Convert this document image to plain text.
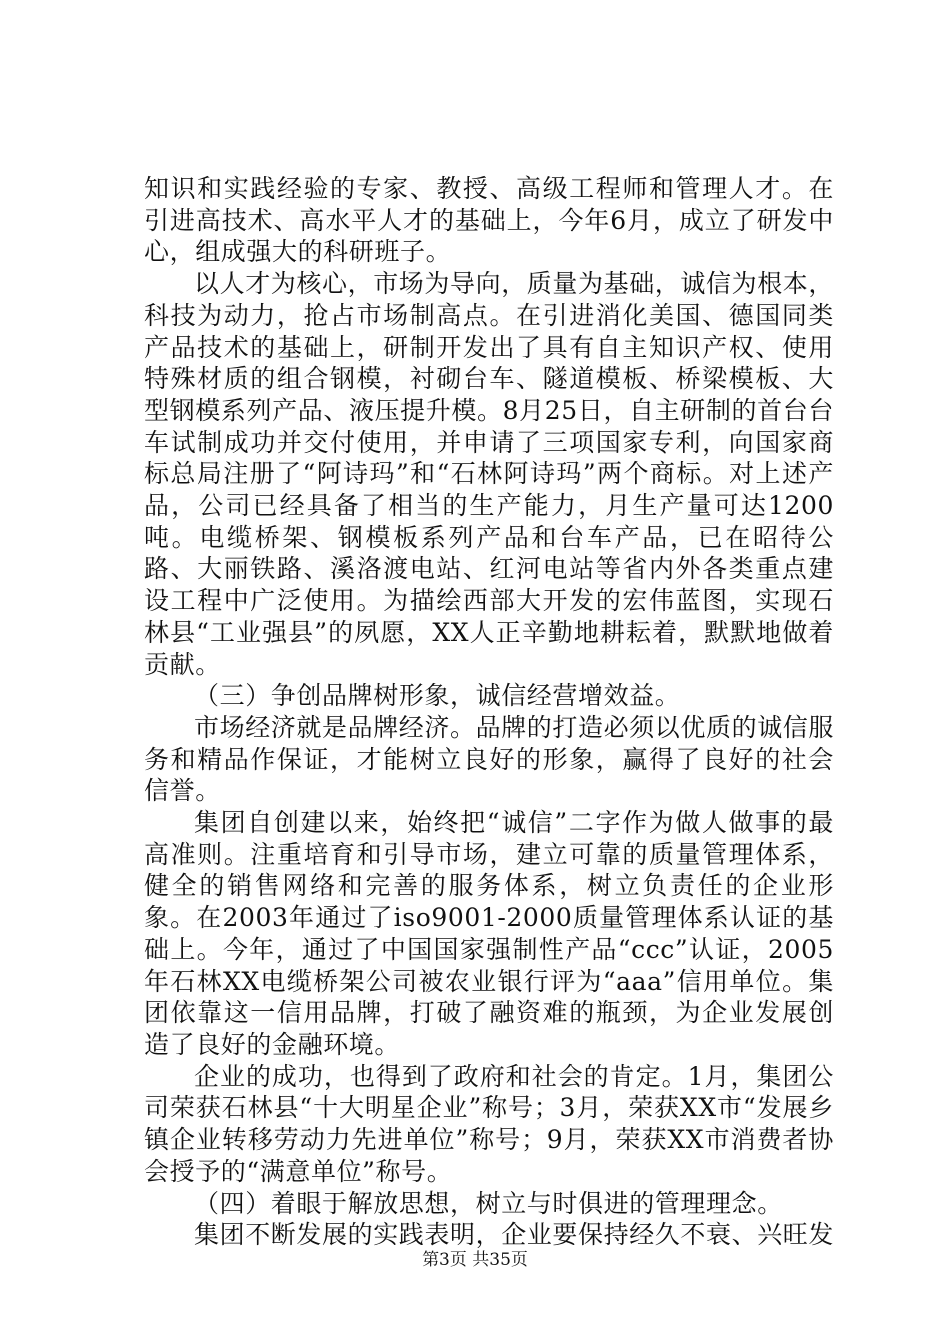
知识和实践经验的专家、教授、高级工程师和管理人才。在引进高技术、高水平人才的基础上，今年6月，成立了研发中心，组成强大的科研班子。

以人才为核心，市场为导向，质量为基础，诚信为根本，科技为动力，抢占市场制高点。在引进消化美国、德国同类产品技术的基础上，研制开发出了具有自主知识产权、使用特殊材质的组合钢模，衬砌台车、隧道模板、桥梁模板、大型钢模系列产品、液压提升模。8月25日，自主研制的首台台车试制成功并交付使用，并申请了三项国家专利，向国家商标总局注册了“阿诗玛”和“石林阿诗玛”两个商标。对上述产品，公司已经具备了相当的生产能力，月生产量可达1200吨。电缆桥架、钢模板系列产品和台车产品，已在昭待公路、大丽铁路、溪洛渡电站、红河电站等省内外各类重点建设工程中广泛使用。为描绘西部大开发的宏伟蓝图，实现石林县“工业强县”的夙愿，XX人正辛勤地耕耘着，默默地做着贡献。

（三）争创品牌树形象，诚信经营增效益。

市场经济就是品牌经济。品牌的打造必须以优质的诚信服务和精品作保证，才能树立良好的形象，赢得了良好的社会信誉。

集团自创建以来，始终把“诚信”二字作为做人做事的最高准则。注重培育和引导市场，建立可靠的质量管理体系，健全的销售网络和完善的服务体系，树立负责任的企业形象。在2003年通过了iso9001-2000质量管理体系认证的基础上。今年，通过了中国国家强制性产品“ccc”认证，2005年石林XX电缆桥架公司被农业银行评为“aaa”信用单位。集团依靠这一信用品牌，打破了融资难的瓶颈，为企业发展创造了良好的金融环境。

企业的成功，也得到了政府和社会的肯定。1月，集团公司荣获石林县“十大明星企业”称号；3月，荣获XX市“发展乡镇企业转移劳动力先进单位”称号；9月，荣获XX市消费者协会授予的“满意单位”称号。

（四）着眼于解放思想，树立与时俱进的管理理念。

集团不断发展的实践表明，企业要保持经久不衰、兴旺发

第3页 共35页
